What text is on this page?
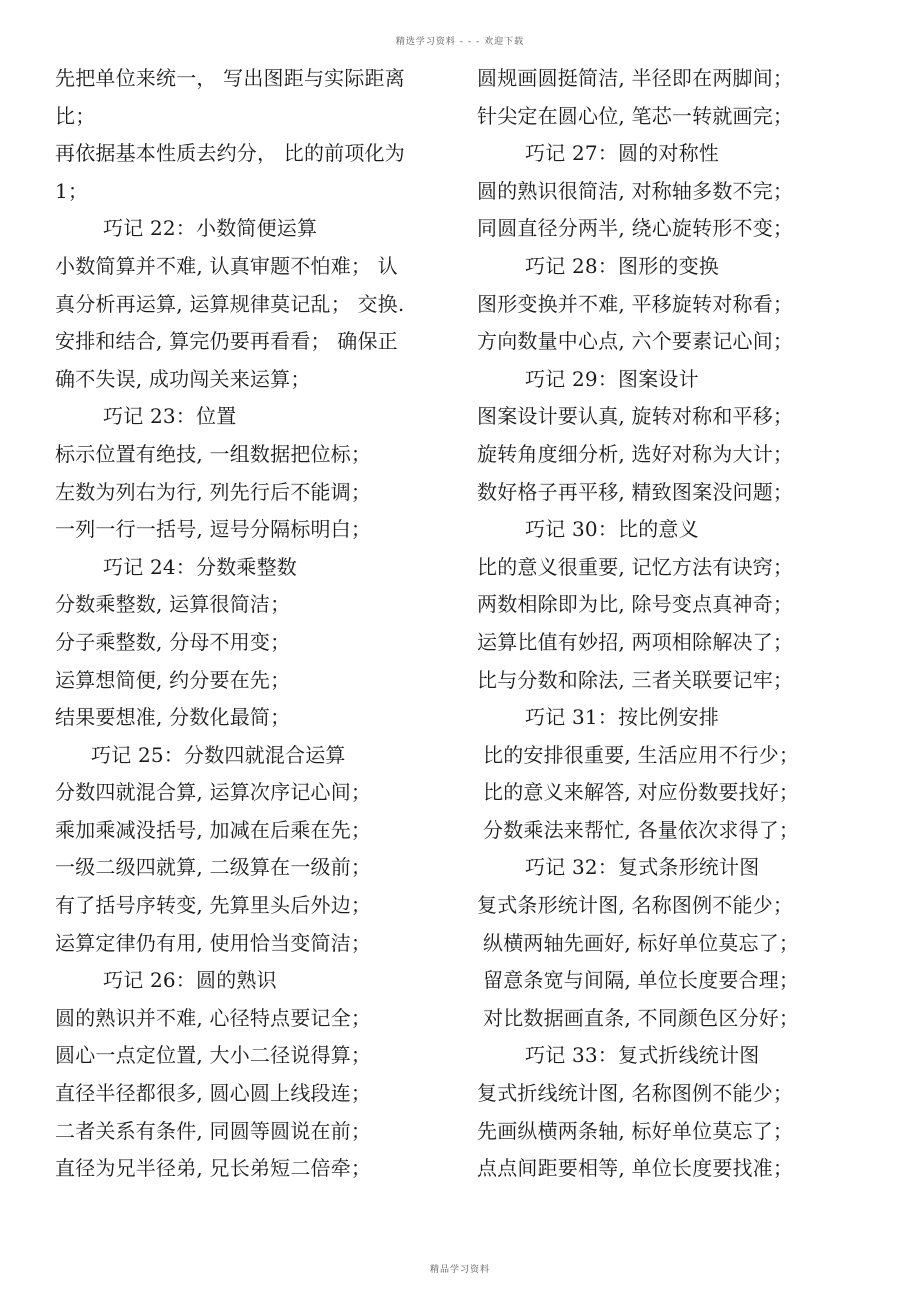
精选学习资料 - - - 欢迎下载
先把单位来统一， 写出图距与实际距离
比；
再依据基本性质去约分， 比的前项化为
1；
巧记 22：小数简便运算
小数简算并不难, 认真审题不怕难； 认
真分析再运算, 运算规律莫记乱； 交换.
安排和结合, 算完仍要再看看； 确保正
确不失误, 成功闯关来运算；
巧记 23：位置
标示位置有绝技, 一组数据把位标；
左数为列右为行, 列先行后不能调；
一列一行一括号, 逗号分隔标明白；
巧记 24：分数乘整数
分数乘整数, 运算很简洁；
分子乘整数, 分母不用变；
运算想简便, 约分要在先；
结果要想准, 分数化最简；
巧记 25：分数四就混合运算
分数四就混合算, 运算次序记心间；
乘加乘减没括号, 加减在后乘在先；
一级二级四就算, 二级算在一级前；
有了括号序转变, 先算里头后外边；
运算定律仍有用, 使用恰当变简洁；
巧记 26：圆的熟识
圆的熟识并不难, 心径特点要记全；
圆心一点定位置, 大小二径说得算；
直径半径都很多, 圆心圆上线段连；
二者关系有条件, 同圆等圆说在前；
直径为兄半径弟, 兄长弟短二倍牵；
圆规画圆挺简洁, 半径即在两脚间；
针尖定在圆心位, 笔芯一转就画完；
巧记 27：圆的对称性
圆的熟识很简洁, 对称轴多数不完；
同圆直径分两半, 绕心旋转形不变；
巧记 28：图形的变换
图形变换并不难, 平移旋转对称看；
方向数量中心点, 六个要素记心间；
巧记 29：图案设计
图案设计要认真, 旋转对称和平移；
旋转角度细分析, 选好对称为大计；
数好格子再平移, 精致图案没问题；
巧记 30：比的意义
比的意义很重要, 记忆方法有诀窍；
两数相除即为比, 除号变点真神奇；
运算比值有妙招, 两项相除解决了；
比与分数和除法, 三者关联要记牢；
巧记 31：按比例安排
比的安排很重要, 生活应用不行少；
比的意义来解答, 对应份数要找好；
分数乘法来帮忙, 各量依次求得了；
巧记 32：复式条形统计图
复式条形统计图, 名称图例不能少；
纵横两轴先画好, 标好单位莫忘了；
留意条宽与间隔, 单位长度要合理；
对比数据画直条, 不同颜色区分好；
巧记 33：复式折线统计图
复式折线统计图, 名称图例不能少；
先画纵横两条轴, 标好单位莫忘了；
点点间距要相等, 单位长度要找准；
精品学习资料
